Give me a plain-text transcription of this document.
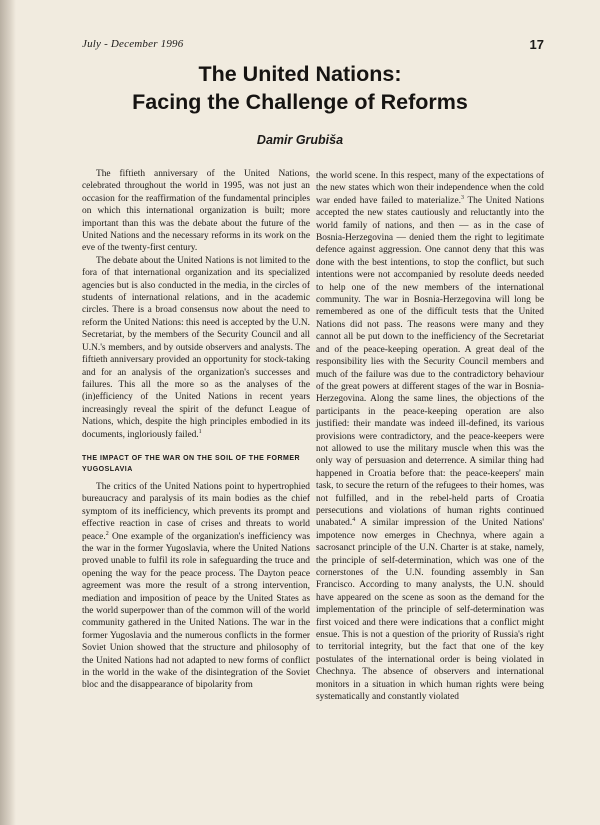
July - December 1996	17
The United Nations:
Facing the Challenge of Reforms
Damir Grubiša

The fiftieth anniversary of the United Nations, celebrated throughout the world in 1995, was not just an occasion for the reaffirmation of the fundamental principles on which this international organization is built; more important than this was the debate about the future of the United Nations and the necessary reforms in its work on the eve of the twenty-first century.

The debate about the United Nations is not limited to the fora of that international organization and its specialized agencies but is also conducted in the media, in the circles of students of international relations, and in the academic circles. There is a broad consensus now about the need to reform the United Nations: this need is accepted by the U.N. Secretariat, by the members of the Security Council and all U.N.'s members, and by outside observers and analysts. The fiftieth anniversary provided an opportunity for stock-taking and for an analysis of the organization's successes and failures. This all the more so as the analyses of the (in)efficiency of the United Nations in recent years increasingly reveal the spirit of the defunct League of Nations, which, despite the high principles embodied in its documents, ingloriously failed.$^1$

THE IMPACT OF THE WAR ON THE SOIL OF THE FORMER YUGOSLAVIA

The critics of the United Nations point to hypertrophied bureaucracy and paralysis of its main bodies as the chief symptom of its inefficiency, which prevents its prompt and effective reaction in case of crises and threats to world peace.$^2$ One example of the organization's inefficiency was the war in the former Yugoslavia, where the United Nations proved unable to fulfil its role in safeguarding the truce and opening the way for the peace process. The Dayton peace agreement was more the result of a strong intervention, mediation and imposition of peace by the United States as the world superpower than of the common will of the world community gathered in the United Nations. The war in the former Yugoslavia and the numerous conflicts in the former Soviet Union showed that the structure and philosophy of the United Nations had not adapted to new forms of conflict in the world in the wake of the disintegration of the Soviet bloc and the disappearance of bipolarity from

the world scene. In this respect, many of the expectations of the new states which won their independence when the cold war ended have failed to materialize.$^3$ The United Nations accepted the new states cautiously and reluctantly into the world family of nations, and then — as in the case of Bosnia-Herzegovina — denied them the right to legitimate defence against aggression. One cannot deny that this was done with the best intentions, to stop the conflict, but such intentions were not accompanied by resolute deeds needed to help one of the new members of the international community. The war in Bosnia-Herzegovina will long be remembered as one of the difficult tests that the United Nations did not pass. The reasons were many and they cannot all be put down to the inefficiency of the Secretariat and of the peace-keeping operation. A great deal of the responsibility lies with the Security Council members and much of the failure was due to the contradictory behaviour of the great powers at different stages of the war in Bosnia-Herzegovina. Along the same lines, the objections of the participants in the peace-keeping operation are also justified: their mandate was indeed ill-defined, its various provisions were contradictory, and the peace-keepers were not allowed to use the military muscle when this was the only way of persuasion and deterrence. A similar thing had happened in Croatia before that: the peace-keepers' main task, to secure the return of the refugees to their homes, was not fulfilled, and in the rebel-held parts of Croatia persecutions and violations of human rights continued unabated.$^4$ A similar impression of the United Nations' impotence now emerges in Chechnya, where again a sacrosanct principle of the U.N. Charter is at stake, namely, the principle of self-determination, which was one of the cornerstones of the U.N. founding assembly in San Francisco. According to many analysts, the U.N. should have appeared on the scene as soon as the demand for the implementation of the principle of self-determination was first voiced and there were indications that a conflict might ensue. This is not a question of the priority of Russia's right to territorial integrity, but the fact that one of the key postulates of the international order is being violated in Chechnya. The absence of observers and international monitors in a situation in which human rights were being systematically and constantly violated
